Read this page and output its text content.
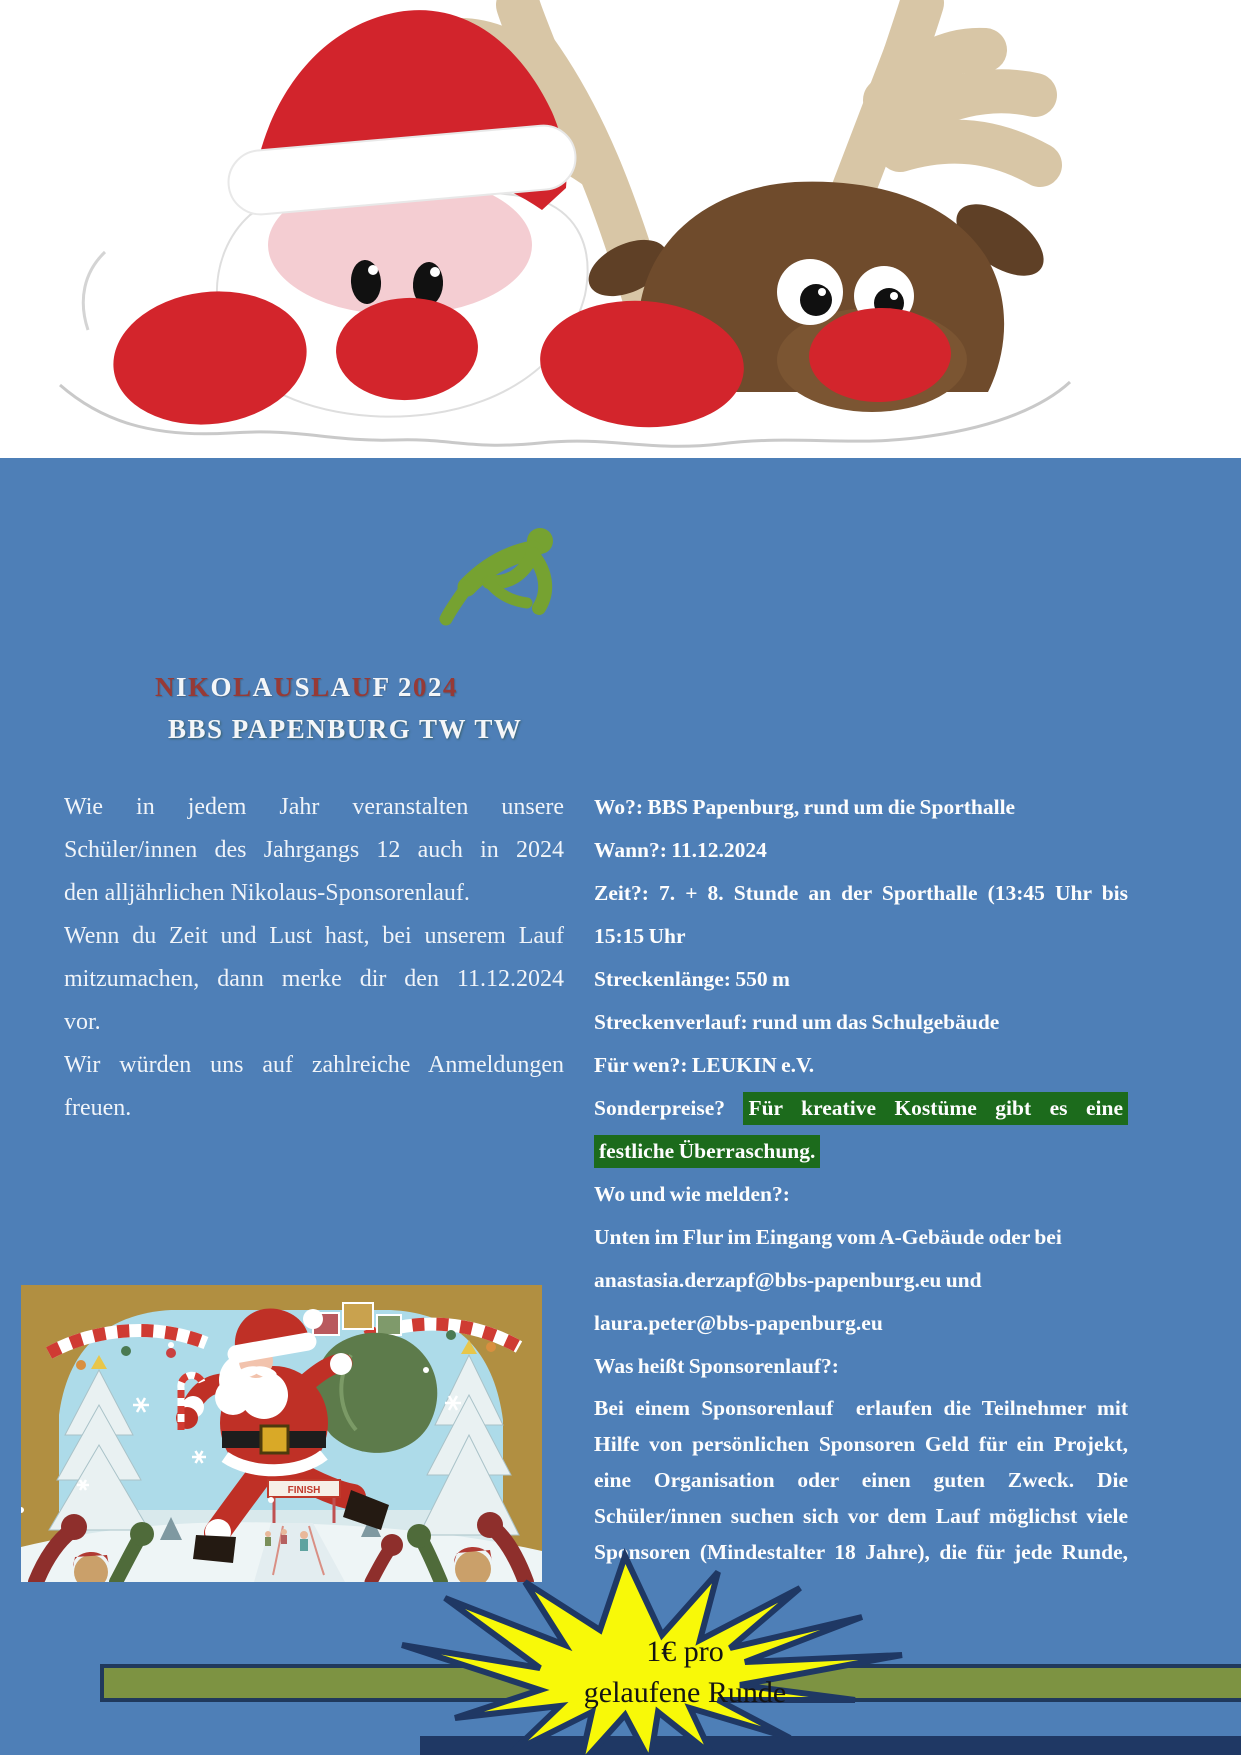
NIKOLAUSLAUF 2024
BBS PAPENBURG TW TW
Wie in jedem Jahr veranstalten unsere
Schüler/innen des Jahrgangs 12 auch in 2024
den alljährlichen Nikolaus-Sponsorenlauf.
Wenn du Zeit und Lust hast, bei unserem Lauf
mitzumachen, dann merke dir den 11.12.2024
vor.
Wir würden uns auf zahlreiche Anmeldungen
freuen.
Wo?: BBS Papenburg, rund um die Sporthalle
Wann?: 11.12.2024
Zeit?: 7. + 8. Stunde an der Sporthalle (13:45 Uhr bis
15:15 Uhr
Streckenlänge: 550 m
Streckenverlauf: rund um das Schulgebäude
Für wen?: LEUKIN e.V.
Sonderpreise? Für kreative Kostüme gibt es eine
festliche Überraschung.
Wo und wie melden?:
Unten im Flur im Eingang vom A-Gebäude oder bei
anastasia.derzapf@bbs-papenburg.eu und
laura.peter@bbs-papenburg.eu
Was heißt Sponsorenlauf?:
Bei einem Sponsorenlauf  erlaufen die Teilnehmer mit
Hilfe von persönlichen Sponsoren Geld für ein Projekt,
eine Organisation oder einen guten Zweck. Die
Schüler/innen suchen sich vor dem Lauf möglichst viele
Sponsoren (Mindestalter 18 Jahre), die für jede Runde,
FINISH
1€ pro
gelaufene Runde
